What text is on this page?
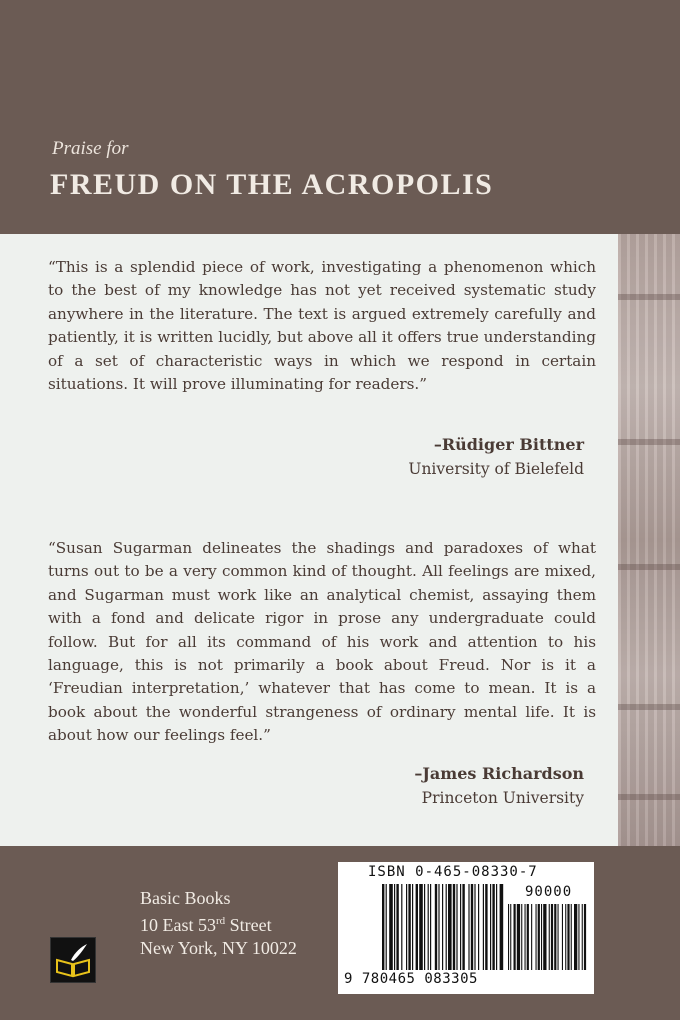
Praise for
FREUD ON THE ACROPOLIS
“This is a splendid piece of work, investigating a phenomenon which to the best of my knowledge has not yet received systematic study anywhere in the literature. The text is argued extremely carefully and patiently, it is written lucidly, but above all it offers true understanding of a set of characteristic ways in which we respond in certain situations. It will prove illuminating for readers.”
–Rüdiger Bittner
University of Bielefeld
“Susan Sugarman delineates the shadings and paradoxes of what turns out to be a very common kind of thought. All feelings are mixed, and Sugarman must work like an analytical chemist, assaying them with a fond and delicate rigor in prose any undergraduate could follow. But for all its command of his work and attention to his language, this is not primarily a book about Freud. Nor is it a ‘Freudian interpretation,’ whatever that has come to mean. It is a book about the wonderful strangeness of ordinary mental life. It is about how our feelings feel.”
–James Richardson
Princeton University
Basic Books
10 East 53rd Street
New York, NY 10022
ISBN 0-465-08330-7
90000
9 780465 083305
